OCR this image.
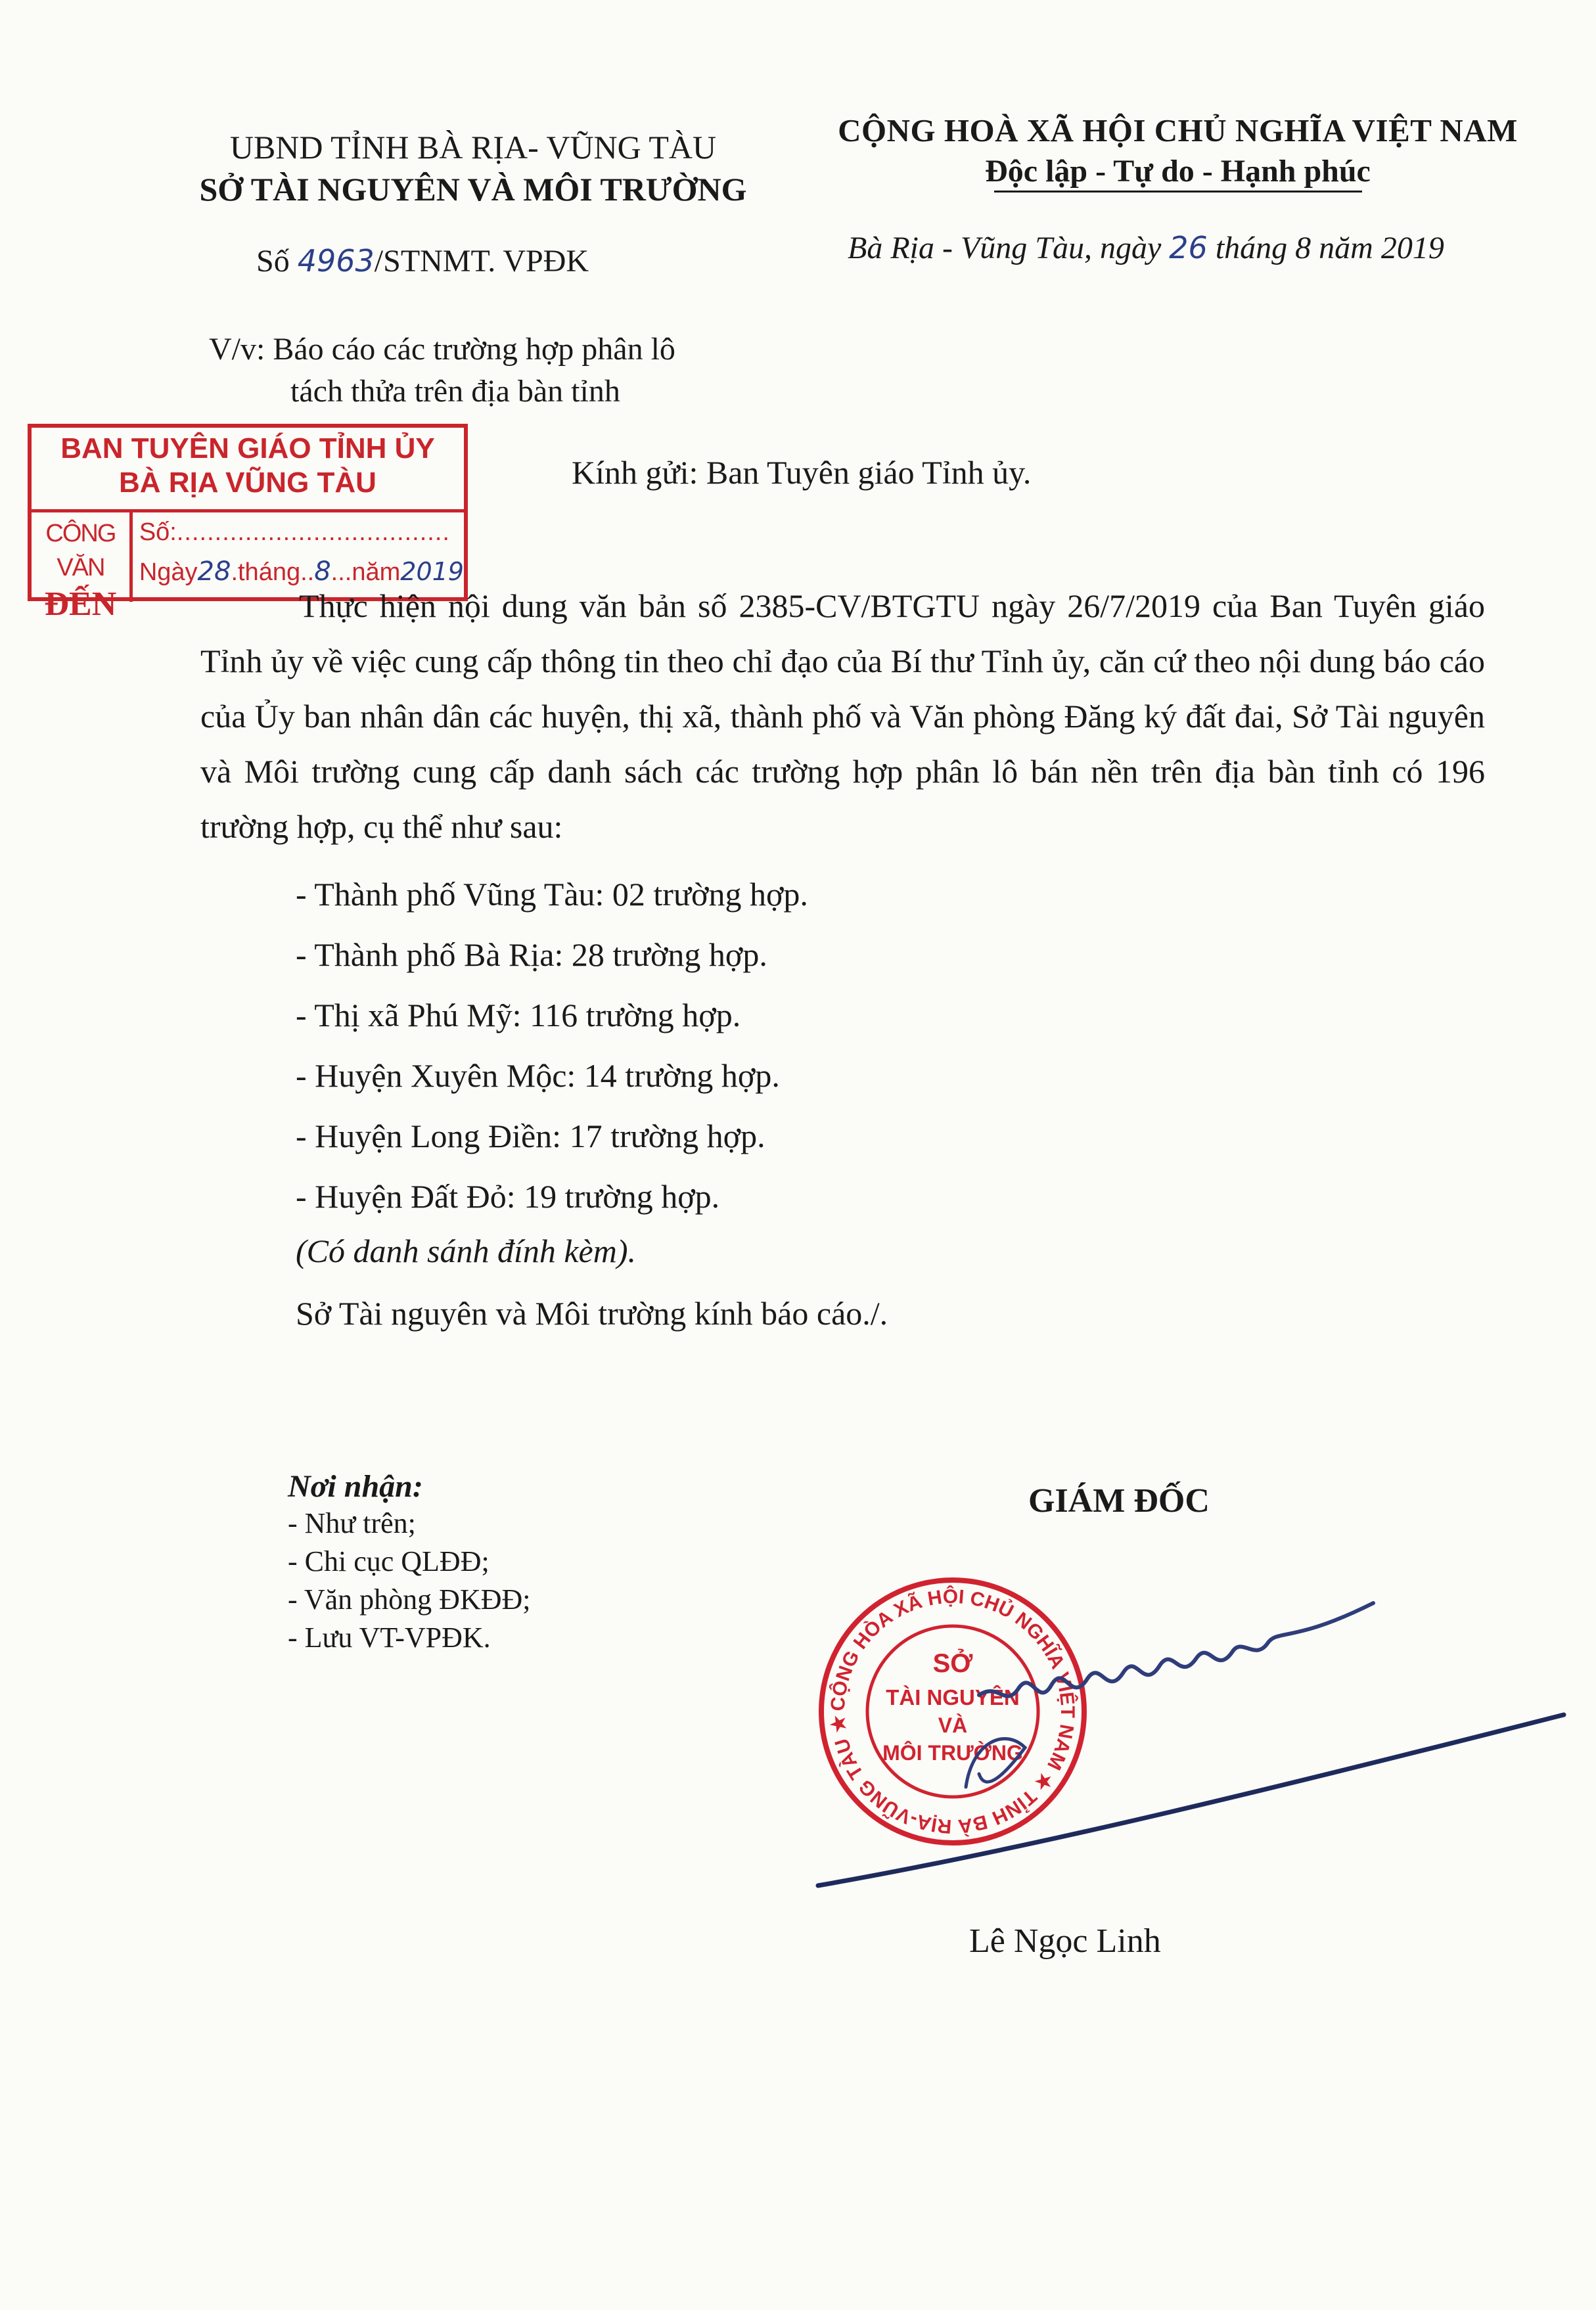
UBND TỈNH BÀ RỊA- VŨNG TÀU
SỞ TÀI NGUYÊN VÀ MÔI TRƯỜNG
Số 4963/STNMT. VPĐK
V/v: Báo cáo các trường hợp phân lô
tách thửa trên địa bàn tỉnh
CỘNG HOÀ XÃ HỘI CHỦ NGHĨA VIỆT NAM
Độc lập - Tự do - Hạnh phúc
Bà Rịa - Vũng Tàu, ngày 26 tháng 8 năm 2019
BAN TUYÊN GIÁO TỈNH ỦY
BÀ RỊA VŨNG TÀU
CÔNG VĂN
ĐẾN
Số:....................................
Ngày28.tháng..8...năm2019
Kính gửi: Ban Tuyên giáo Tỉnh ủy.

Thực hiện nội dung văn bản số 2385-CV/BTGTU ngày 26/7/2019 của Ban Tuyên giáo Tỉnh ủy về việc cung cấp thông tin theo chỉ đạo của Bí thư Tỉnh ủy, căn cứ theo nội dung báo cáo của Ủy ban nhân dân các huyện, thị xã, thành phố và Văn phòng Đăng ký đất đai, Sở Tài nguyên và Môi trường cung cấp danh sách các trường hợp phân lô bán nền trên địa bàn tỉnh có 196 trường hợp, cụ thể như sau:

- Thành phố Vũng Tàu: 02 trường hợp.
- Thành phố Bà Rịa: 28 trường hợp.
- Thị xã Phú Mỹ: 116 trường hợp.
- Huyện Xuyên Mộc: 14 trường hợp.
- Huyện Long Điền: 17 trường hợp.
- Huyện Đất Đỏ: 19 trường hợp.
(Có danh sánh đính kèm).
Sở Tài nguyên và Môi trường kính báo cáo./.
Nơi nhận:
- Như trên;
- Chi cục QLĐĐ;
- Văn phòng ĐKĐĐ;
- Lưu VT-VPĐK.
GIÁM ĐỐC
CỘNG HÒA XÃ HỘI CHỦ NGHĨA VIỆT NAM ★ TỈNH BÀ RỊA-VŨNG TÀU ★
SỞ
TÀI NGUYÊN
VÀ
MÔI TRƯỜNG
Lê Ngọc Linh
